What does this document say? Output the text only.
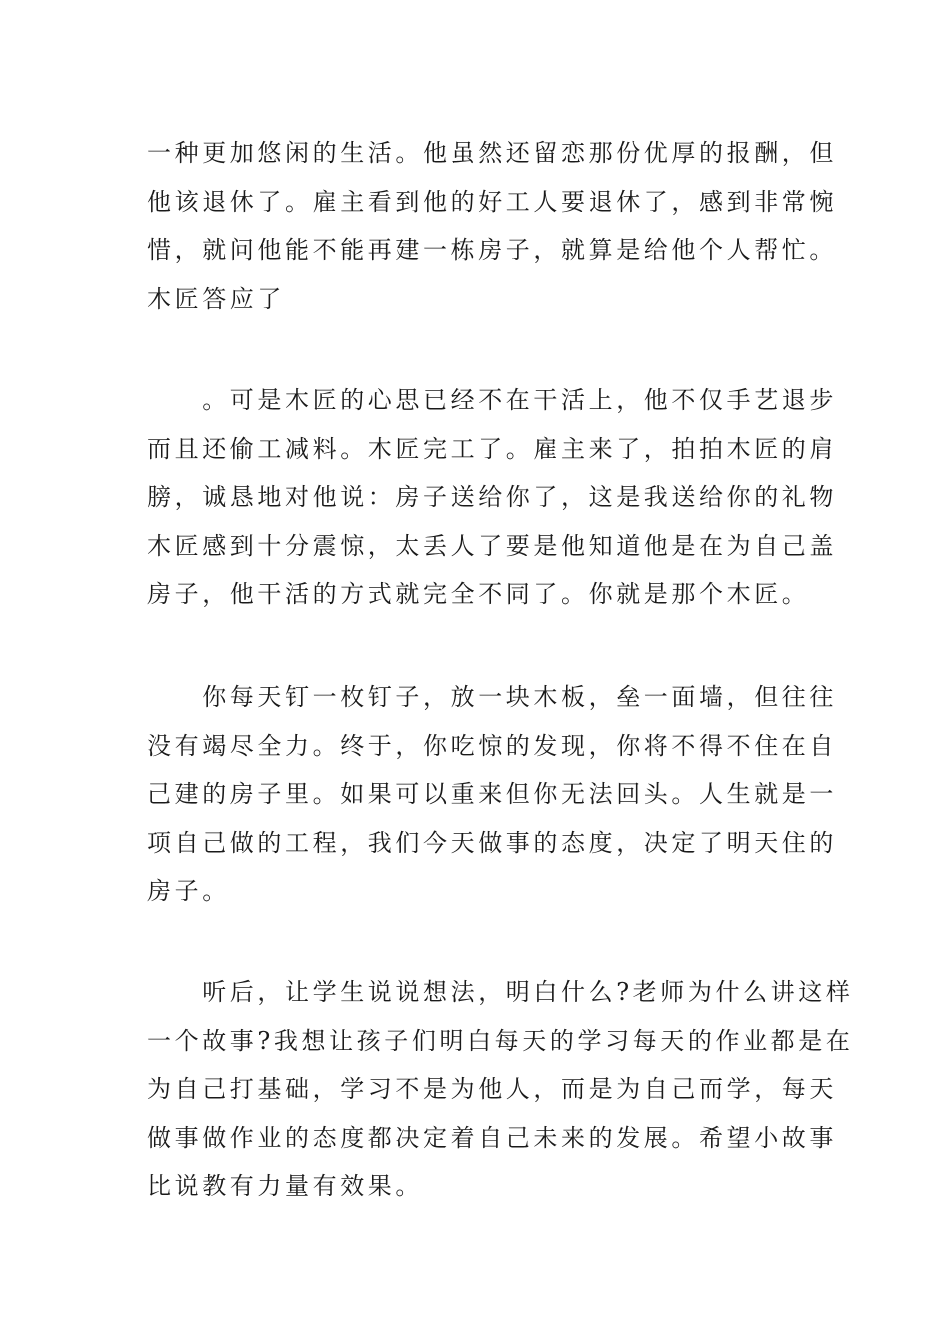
一种更加悠闲的生活。他虽然还留恋那份优厚的报酬，但
他该退休了。雇主看到他的好工人要退休了，感到非常惋
惜，就问他能不能再建一栋房子，就算是给他个人帮忙。
木匠答应了

　　。可是木匠的心思已经不在干活上，他不仅手艺退步
而且还偷工减料。木匠完工了。雇主来了，拍拍木匠的肩
膀，诚恳地对他说：房子送给你了，这是我送给你的礼物
木匠感到十分震惊，太丢人了要是他知道他是在为自己盖
房子，他干活的方式就完全不同了。你就是那个木匠。

　　你每天钉一枚钉子，放一块木板，垒一面墙，但往往
没有竭尽全力。终于，你吃惊的发现，你将不得不住在自
己建的房子里。如果可以重来但你无法回头。人生就是一
项自己做的工程，我们今天做事的态度，决定了明天住的
房子。

　　听后，让学生说说想法，明白什么?老师为什么讲这样
一个故事?我想让孩子们明白每天的学习每天的作业都是在
为自己打基础，学习不是为他人，而是为自己而学，每天
做事做作业的态度都决定着自己未来的发展。希望小故事
比说教有力量有效果。
